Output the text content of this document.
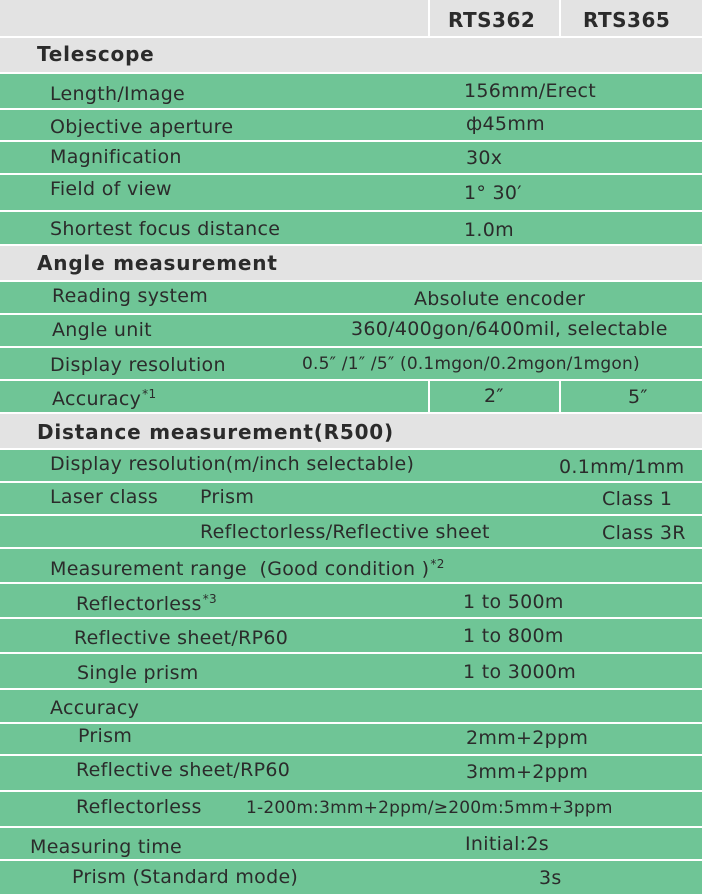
RTS362 RTS365
Telescope
Length/Image	156mm/Erect
Objective aperture	ф45mm
Magnification	30x
Field of view	1° 30′
Shortest focus distance	1.0m
Angle measurement
Reading system	Absolute encoder
Angle unit	360/400gon/6400mil, selectable
Display resolution	0.5″ /1″ /5″ (0.1mgon/0.2mgon/1mgon)
Accuracy$^{*1}$	2″	5″
Distance measurement(R500)
Display resolution(m/inch selectable)	0.1mm/1mm
Laser class Prism	Class 1
Reflectorless/Reflective sheet	Class 3R
Measurement range  (Good condition )$^{*2}$
Reflectorless$^{*3}$	1 to 500m
Reflective sheet/RP60	1 to 800m
Single prism	1 to 3000m
Accuracy
Prism	2mm+2ppm
Reflective sheet/RP60	3mm+2ppm
Reflectorless	1-200m:3mm+2ppm/≥200m:5mm+3ppm
Measuring time	Initial:2s
Prism (Standard mode)	3s
